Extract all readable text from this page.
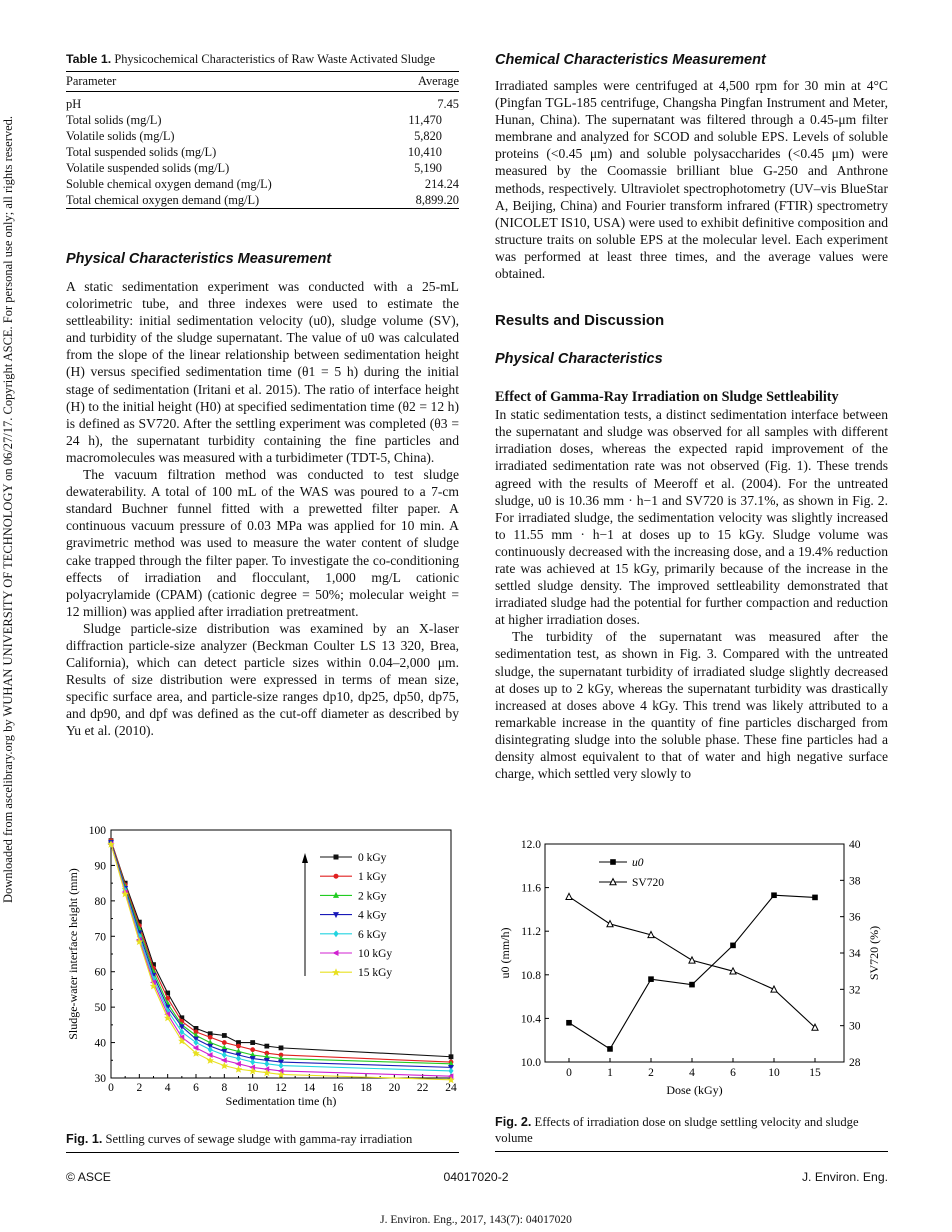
Downloaded from ascelibrary.org by WUHAN UNIVERSITY OF TECHNOLOGY on 06/27/17. Copyright ASCE. For personal use only; all rights reserved.
Table 1. Physicochemical Characteristics of Raw Waste Activated Sludge
Parameter	Average
pH	7.45
Total solids (mg/L)	11,470
Volatile solids (mg/L)	5,820
Total suspended solids (mg/L)	10,410
Volatile suspended solids (mg/L)	5,190
Soluble chemical oxygen demand (mg/L)	214.24
Total chemical oxygen demand (mg/L)	8,899.20
Physical Characteristics Measurement

A static sedimentation experiment was conducted with a 25-mL colorimetric tube, and three indexes were used to estimate the settleability: initial sedimentation velocity (u0), sludge volume (SV), and turbidity of the sludge supernatant. The value of u0 was calculated from the slope of the linear relationship between sedimentation height (H) versus specified sedimentation time (θ1 = 5 h) during the initial stage of sedimentation (Iritani et al. 2015). The ratio of interface height (H) to the initial height (H0) at specified sedimentation time (θ2 = 12 h) is defined as SV720. After the settling experiment was completed (θ3 = 24 h), the supernatant turbidity containing the fine particles and macromolecules was measured with a turbidimeter (TDT-5, China).

The vacuum filtration method was conducted to test sludge dewaterability. A total of 100 mL of the WAS was poured to a 7-cm standard Buchner funnel fitted with a prewetted filter paper. A continuous vacuum pressure of 0.03 MPa was applied for 10 min. A gravimetric method was used to measure the water content of sludge cake trapped through the filter paper. To investigate the co-conditioning effects of irradiation and flocculant, 1,000 mg/L cationic polyacrylamide (CPAM) (cationic degree = 50%; molecular weight = 12 million) was applied after irradiation pretreatment.

Sludge particle-size distribution was examined by an X-laser diffraction particle-size analyzer (Beckman Coulter LS 13 320, Brea, California), which can detect particle sizes within 0.04–2,000 μm. Results of size distribution were expressed in terms of mean size, specific surface area, and particle-size ranges dp10, dp25, dp50, dp75, and dp90, and dpf was defined as the cut-off diameter as described by Yu et al. (2010).

Chemical Characteristics Measurement

Irradiated samples were centrifuged at 4,500 rpm for 30 min at 4°C (Pingfan TGL-185 centrifuge, Changsha Pingfan Instrument and Meter, Hunan, China). The supernatant was filtered through a 0.45-μm filter membrane and analyzed for SCOD and soluble EPS. Levels of soluble proteins (<0.45 μm) and soluble polysaccharides (<0.45 μm) were measured by the Coomassie brilliant blue G-250 and Anthrone methods, respectively. Ultraviolet spectrophotometry (UV–vis BlueStar A, Beijing, China) and Fourier transform infrared (FTIR) spectrometry (NICOLET IS10, USA) were used to exhibit definitive composition and structure traits on soluble EPS at the molecular level. Each experiment was performed at least three times, and the average values were obtained.

Results and Discussion
Physical Characteristics
Effect of Gamma-Ray Irradiation on Sludge Settleability

In static sedimentation tests, a distinct sedimentation interface between the supernatant and sludge was observed for all samples with different irradiation doses, whereas the expected rapid improvement of the irradiated sedimentation rate was not observed (Fig. 1). These trends agreed with the results of Meeroff et al. (2004). For the untreated sludge, u0 is 10.36 mm · h−1 and SV720 is 37.1%, as shown in Fig. 2. For irradiated sludge, the sedimentation velocity was slightly increased to 11.55 mm · h−1 at doses up to 15 kGy. Sludge volume was continuously decreased with the increasing dose, and a 19.4% reduction rate was achieved at 15 kGy, primarily because of the increase in the settled sludge density. The improved settleability demonstrated that irradiated sludge had the potential for further compaction and reduction at higher irradiation doses.

The turbidity of the supernatant was measured after the sedimentation test, as shown in Fig. 3. Compared with the untreated sludge, the supernatant turbidity of irradiated sludge slightly decreased at doses up to 2 kGy, whereas the supernatant turbidity was drastically increased at doses above 4 kGy. This trend was likely attributed to a remarkable increase in the quantity of fine particles discharged from disintegrating sludge into the soluble phase. These fine particles had a density almost equivalent to that of water and high negative surface charge, which settled very slowly to

0 2 4 6 8 10 12 14 16 18 20 22 24
30
40
50
60
70
80
90
100
Sedimentation time (h)
Sludge-water interface height (mm)
0 kGy
1 kGy
2 kGy
4 kGy
6 kGy
10 kGy
15 kGy
Fig. 1. Settling curves of sewage sludge with gamma-ray irradiation
0	1	2	4	6	10	15
10.0
10.4
10.8
11.2
11.6
12.0
28
30
32
34
36
38
40
Dose (kGy)
u0 (mm/h)	SV720 (%)
u0
SV720
Fig. 2. Effects of irradiation dose on sludge settling velocity and sludge volume
© ASCE	04017020-2	J. Environ. Eng.
J. Environ. Eng., 2017, 143(7): 04017020
